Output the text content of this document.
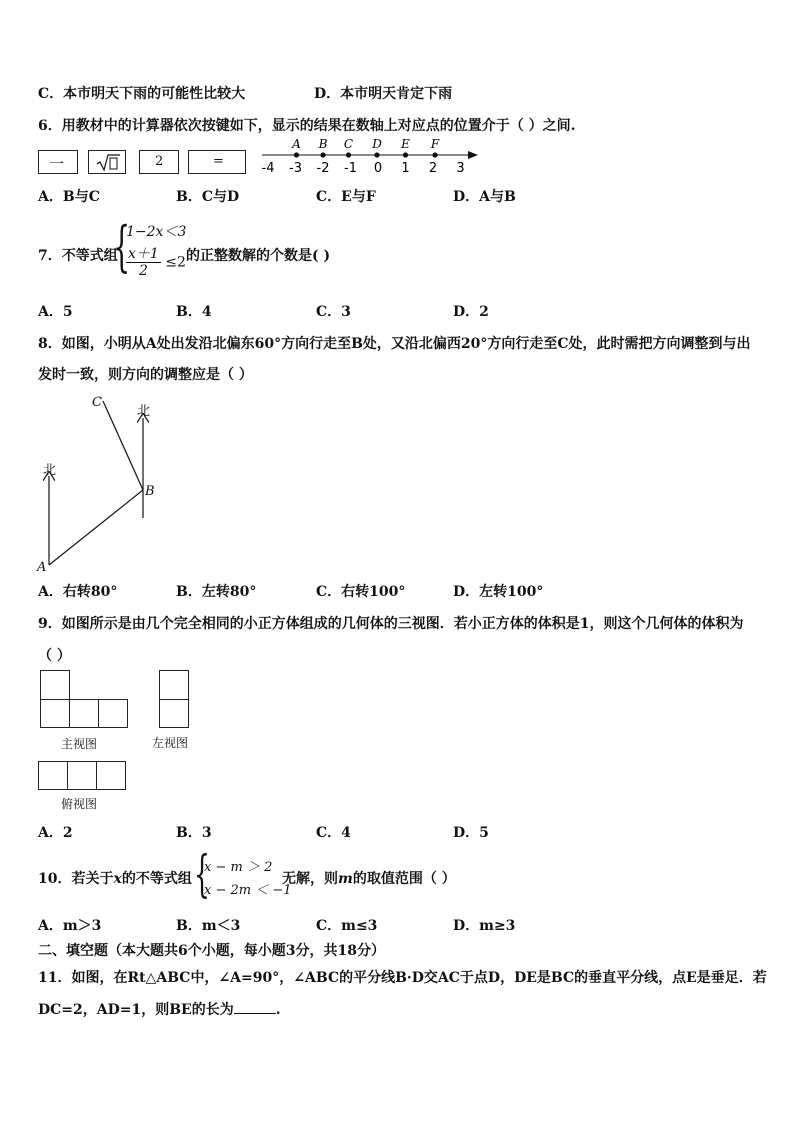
C．本市明天下雨的可能性比较大	D．本市明天肯定下雨
6．用教材中的计算器依次按键如下，显示的结果在数轴上对应点的位置介于（ ）之间.
一	2	=	-4 -3 -2 -1 0 1 2 3
A B C D E F
A．B与C	B．C与D	C．E与F	D．A与B
7．不等式组
{
1−2x＜3
$\frac{x+1}{2} \le 2$ 的正整数解的个数是( )
A．5	B．4	C．3	D．2
8．如图，小明从A处出发沿北偏东60°方向行走至B处，又沿北偏西20°方向行走至C处，此时需把方向调整到与出
发时一致，则方向的调整应是（ ）
北
北
A
B
C
A．右转80°	B．左转80°	C．右转100°	D．左转100°
9．如图所示是由几个完全相同的小正方体组成的几何体的三视图．若小正方体的体积是1，则这个几何体的体积为
（ ）
主视图	左视图
俯视图
A．2	B．3	C．4	D．5
10．若关于x的不等式组 {
x − m ＞ 2
x − 2m ＜ −1
无解，则m的取值范围（ ）
A．m＞3	B．m＜3	C．m≤3	D．m≥3
二、填空题（本大题共6个小题，每小题3分，共18分）
11．如图，在Rt△ABC中，∠A=90°，∠ABC的平分线B·D交AC于点D，DE是BC的垂直平分线，点E是垂足．若
DC=2，AD=1，则BE的长为	.
